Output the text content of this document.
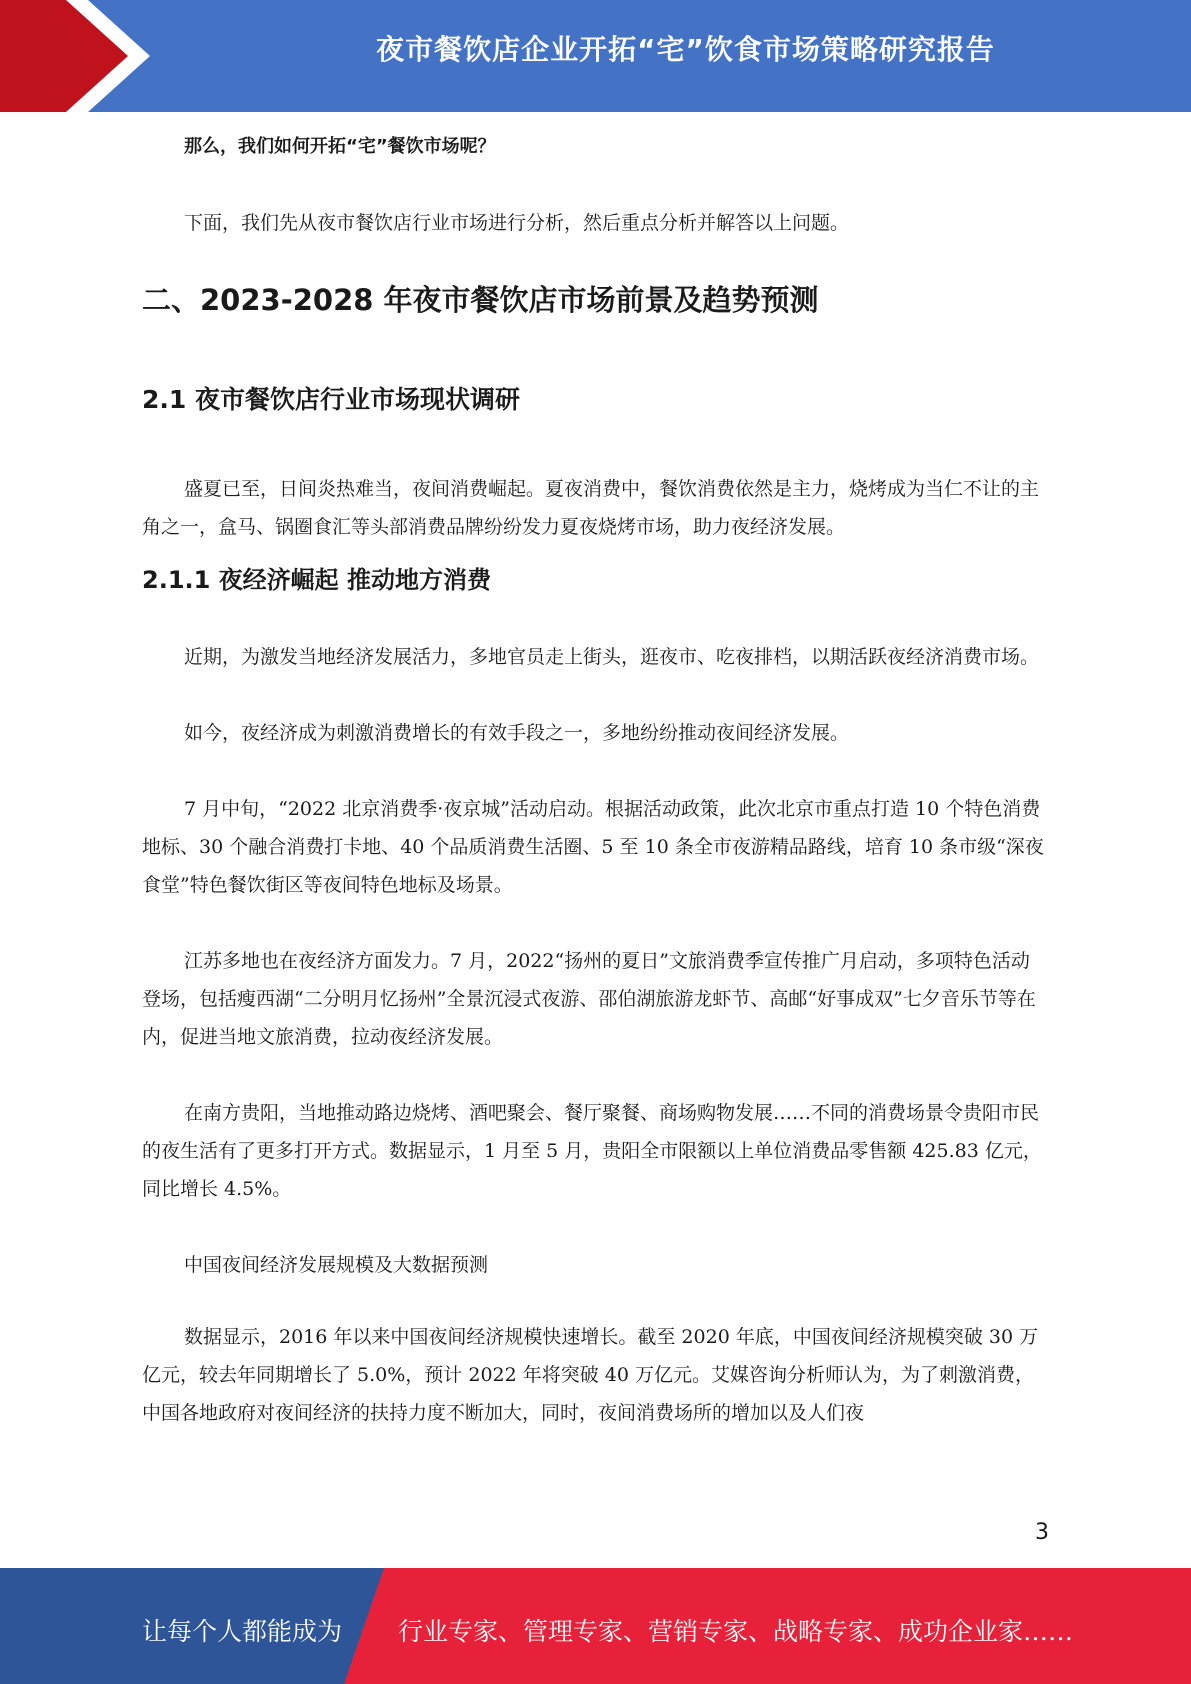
夜市餐饮店企业开拓“宅”饮食市场策略研究报告

那么，我们如何开拓“宅”餐饮市场呢？

下面，我们先从夜市餐饮店行业市场进行分析，然后重点分析并解答以上问题。

二、2023-2028 年夜市餐饮店市场前景及趋势预测
2.1 夜市餐饮店行业市场现状调研

盛夏已至，日间炎热难当，夜间消费崛起。夏夜消费中，餐饮消费依然是主力，烧烤成为当仁不让的主角之一，盒马、锅圈食汇等头部消费品牌纷纷发力夏夜烧烤市场，助力夜经济发展。

2.1.1 夜经济崛起 推动地方消费

近期，为激发当地经济发展活力，多地官员走上街头，逛夜市、吃夜排档，以期活跃夜经济消费市场。

如今，夜经济成为刺激消费增长的有效手段之一，多地纷纷推动夜间经济发展。

7 月中旬，“2022 北京消费季·夜京城”活动启动。根据活动政策，此次北京市重点打造 10 个特色消费地标、30 个融合消费打卡地、40 个品质消费生活圈、5 至 10 条全市夜游精品路线，培育 10 条市级“深夜食堂”特色餐饮街区等夜间特色地标及场景。

江苏多地也在夜经济方面发力。7 月，2022“扬州的夏日”文旅消费季宣传推广月启动，多项特色活动登场，包括瘦西湖“二分明月忆扬州”全景沉浸式夜游、邵伯湖旅游龙虾节、高邮“好事成双”七夕音乐节等在内，促进当地文旅消费，拉动夜经济发展。

在南方贵阳，当地推动路边烧烤、酒吧聚会、餐厅聚餐、商场购物发展……不同的消费场景令贵阳市民的夜生活有了更多打开方式。数据显示，1 月至 5 月，贵阳全市限额以上单位消费品零售额 425.83 亿元，同比增长 4.5%。

中国夜间经济发展规模及大数据预测

数据显示，2016 年以来中国夜间经济规模快速增长。截至 2020 年底，中国夜间经济规模突破 30 万亿元，较去年同期增长了 5.0%，预计 2022 年将突破 40 万亿元。艾媒咨询分析师认为，为了刺激消费，中国各地政府对夜间经济的扶持力度不断加大，同时，夜间消费场所的增加以及人们夜

3
让每个人都能成为 行业专家、管理专家、营销专家、战略专家、成功企业家……
